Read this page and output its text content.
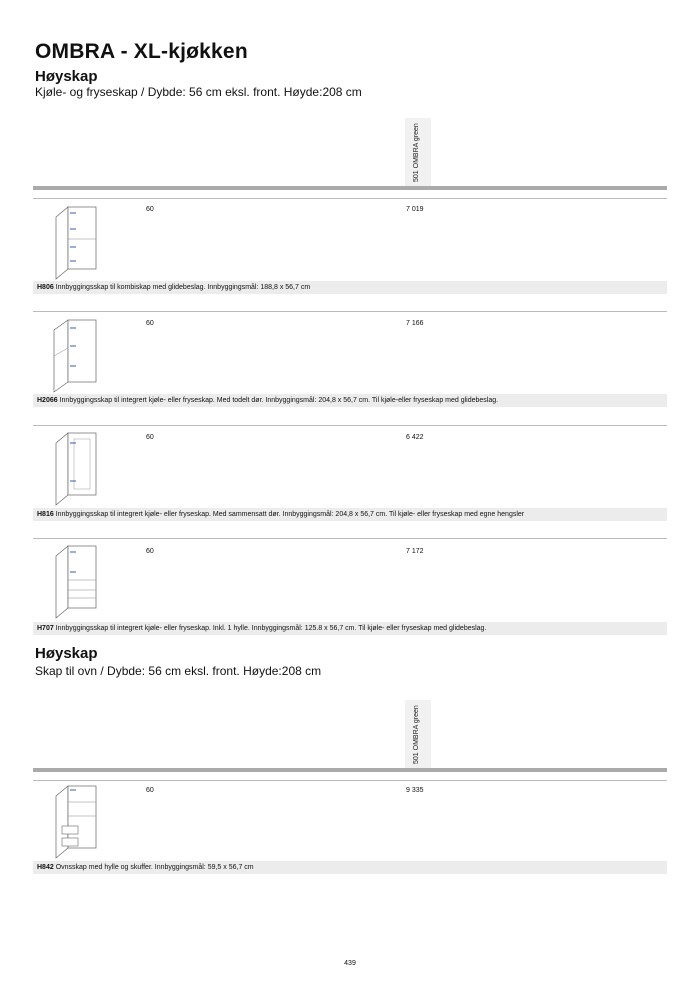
OMBRA - XL-kjøkken
Høyskap
Kjøle- og fryseskap / Dybde: 56 cm eksl. front. Høyde:208 cm
501 OMBRA green
60	7 019
H806 Innbyggingsskap til kombiskap med glidebeslag. Innbyggingsmål: 188,8 x 56,7 cm
60	7 166
H2066 Innbyggingsskap til integrert kjøle- eller fryseskap. Med todelt dør. Innbyggingsmål: 204,8 x 56,7 cm. Til kjøle-eller fryseskap med glidebeslag.
60	6 422
H816 Innbyggingsskap til integrert kjøle- eller fryseskap. Med sammensatt dør. Innbyggingsmål: 204,8 x 56,7 cm. Til kjøle- eller fryseskap med egne hengsler
60	7 172
H707 Innbyggingsskap til integrert kjøle- eller fryseskap. Inkl. 1 hylle. Innbyggingsmål: 125.8 x 56,7 cm. Til kjøle- eller fryseskap med glidebeslag.
Høyskap
Skap til ovn / Dybde: 56 cm eksl. front. Høyde:208 cm
501 OMBRA green
60	9 335
H842 Ovnsskap med hylle og skuffer. Innbyggingsmål: 59,5 x 56,7 cm
439
